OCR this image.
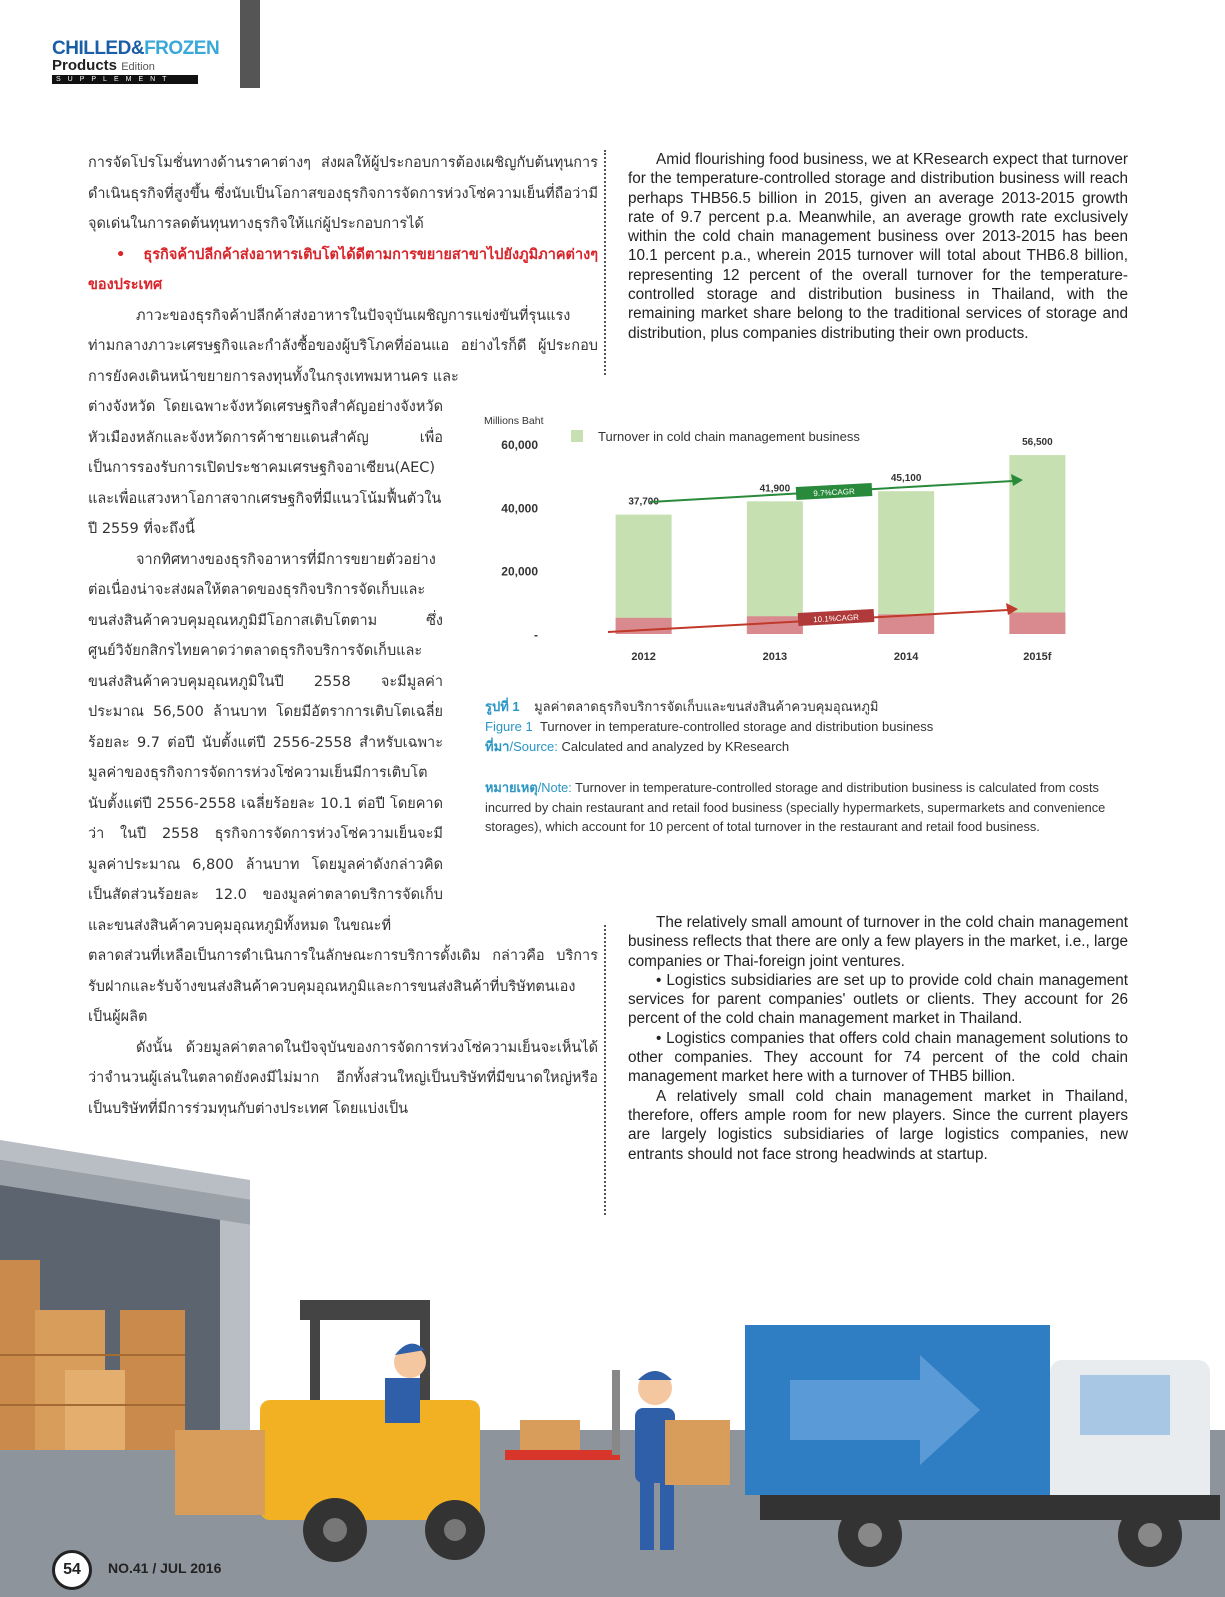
CHILLED&FROZEN
Products Edition
SUPPLEMENT

การจัดโปรโมชั่นทางด้านราคาต่างๆ ส่งผลให้ผู้ประกอบการต้องเผชิญกับต้นทุนการดำเนินธุรกิจที่สูงขึ้น ซึ่งนับเป็นโอกาสของธุรกิจการจัดการห่วงโซ่ความเย็นที่ถือว่ามีจุดเด่นในการลดต้นทุนทางธุรกิจให้แก่ผู้ประกอบการได้

• ธุรกิจค้าปลีกค้าส่งอาหารเติบโตได้ดีตามการขยายสาขาไปยังภูมิภาคต่างๆ ของประเทศ

ภาวะของธุรกิจค้าปลีกค้าส่งอาหารในปัจจุบันเผชิญการแข่งขันที่รุนแรงท่ามกลางภาวะเศรษฐกิจและกำลังซื้อของผู้บริโภคที่อ่อนแอ อย่างไรก็ดี ผู้ประกอบการยังคงเดินหน้าขยายการลงทุนทั้งในกรุงเทพมหานคร และ

ต่างจังหวัด โดยเฉพาะจังหวัดเศรษฐกิจสำคัญอย่างจังหวัดหัวเมืองหลักและจังหวัดการค้าชายแดนสำคัญ เพื่อเป็นการรองรับการเปิดประชาคมเศรษฐกิจอาเซียน(AEC) และเพื่อแสวงหาโอกาสจากเศรษฐกิจที่มีแนวโน้มฟื้นตัวในปี 2559 ที่จะถึงนี้

จากทิศทางของธุรกิจอาหารที่มีการขยายตัวอย่างต่อเนื่องน่าจะส่งผลให้ตลาดของธุรกิจบริการจัดเก็บและขนส่งสินค้าควบคุมอุณหภูมิมีโอกาสเติบโตตาม ซึ่งศูนย์วิจัยกสิกรไทยคาดว่าตลาดธุรกิจบริการจัดเก็บและขนส่งสินค้าควบคุมอุณหภูมิในปี 2558 จะมีมูลค่าประมาณ 56,500 ล้านบาท โดยมีอัตราการเติบโตเฉลี่ยร้อยละ 9.7 ต่อปี นับตั้งแต่ปี 2556-2558 สำหรับเฉพาะมูลค่าของธุรกิจการจัดการห่วงโซ่ความเย็นมีการเติบโตนับตั้งแต่ปี 2556-2558 เฉลี่ยร้อยละ 10.1 ต่อปี โดยคาดว่า ในปี 2558 ธุรกิจการจัดการห่วงโซ่ความเย็นจะมีมูลค่าประมาณ 6,800 ล้านบาท โดยมูลค่าดังกล่าวคิดเป็นสัดส่วนร้อยละ 12.0 ของมูลค่าตลาดบริการจัดเก็บและขนส่งสินค้าควบคุมอุณหภูมิทั้งหมด ในขณะที่

ตลาดส่วนที่เหลือเป็นการดำเนินการในลักษณะการบริการดั้งเดิม กล่าวคือ บริการรับฝากและรับจ้างขนส่งสินค้าควบคุมอุณหภูมิและการขนส่งสินค้าที่บริษัทตนเองเป็นผู้ผลิต

ดังนั้น ด้วยมูลค่าตลาดในปัจจุบันของการจัดการห่วงโซ่ความเย็นจะเห็นได้ว่าจำนวนผู้เล่นในตลาดยังคงมีไม่มาก อีกทั้งส่วนใหญ่เป็นบริษัทที่มีขนาดใหญ่หรือเป็นบริษัทที่มีการร่วมทุนกับต่างประเทศ โดยแบ่งเป็น

Amid flourishing food business, we at KResearch expect that turnover for the temperature-controlled storage and distribution business will reach perhaps THB56.5 billion in 2015, given an average 2013-2015 growth rate of 9.7 percent p.a. Meanwhile, an average growth rate exclusively within the cold chain management business over 2013-2015 has been 10.1 percent p.a., wherein 2015 turnover will total about THB6.8 billion, representing 12 percent of the overall turnover for the temperature-controlled storage and distribution business in Thailand, with the remaining market share belong to the traditional services of storage and distribution, plus companies distributing their own products.

Millions Baht
60,000
40,000
20,000
-
Turnover in cold chain management business
37,700
41,900
45,100
56,500
2012	2013	2014	2015f
9.7%CAGR
10.1%CAGR
รูปที่ 1 มูลค่าตลาดธุรกิจบริการจัดเก็บและขนส่งสินค้าควบคุมอุณหภูมิ
Figure 1 Turnover in temperature-controlled storage and distribution business
ที่มา/Source: Calculated and analyzed by KResearch
หมายเหตุ/Note: Turnover in temperature-controlled storage and distribution business is calculated from costs incurred by chain restaurant and retail food business (specially hypermarkets, supermarkets and convenience storages), which account for 10 percent of total turnover in the restaurant and retail food business.

The relatively small amount of turnover in the cold chain management business reflects that there are only a few players in the market, i.e., large companies or Thai-foreign joint ventures.

• Logistics subsidiaries are set up to provide cold chain management services for parent companies' outlets or clients. They account for 26 percent of the cold chain management market in Thailand.

• Logistics companies that offers cold chain management solutions to other companies. They account for 74 percent of the cold chain management market here with a turnover of THB5 billion.

A relatively small cold chain management market in Thailand, therefore, offers ample room for new players. Since the current players are largely logistics subsidiaries of large logistics companies, new entrants should not face strong headwinds at startup.

54	NO.41 / JUL 2016
